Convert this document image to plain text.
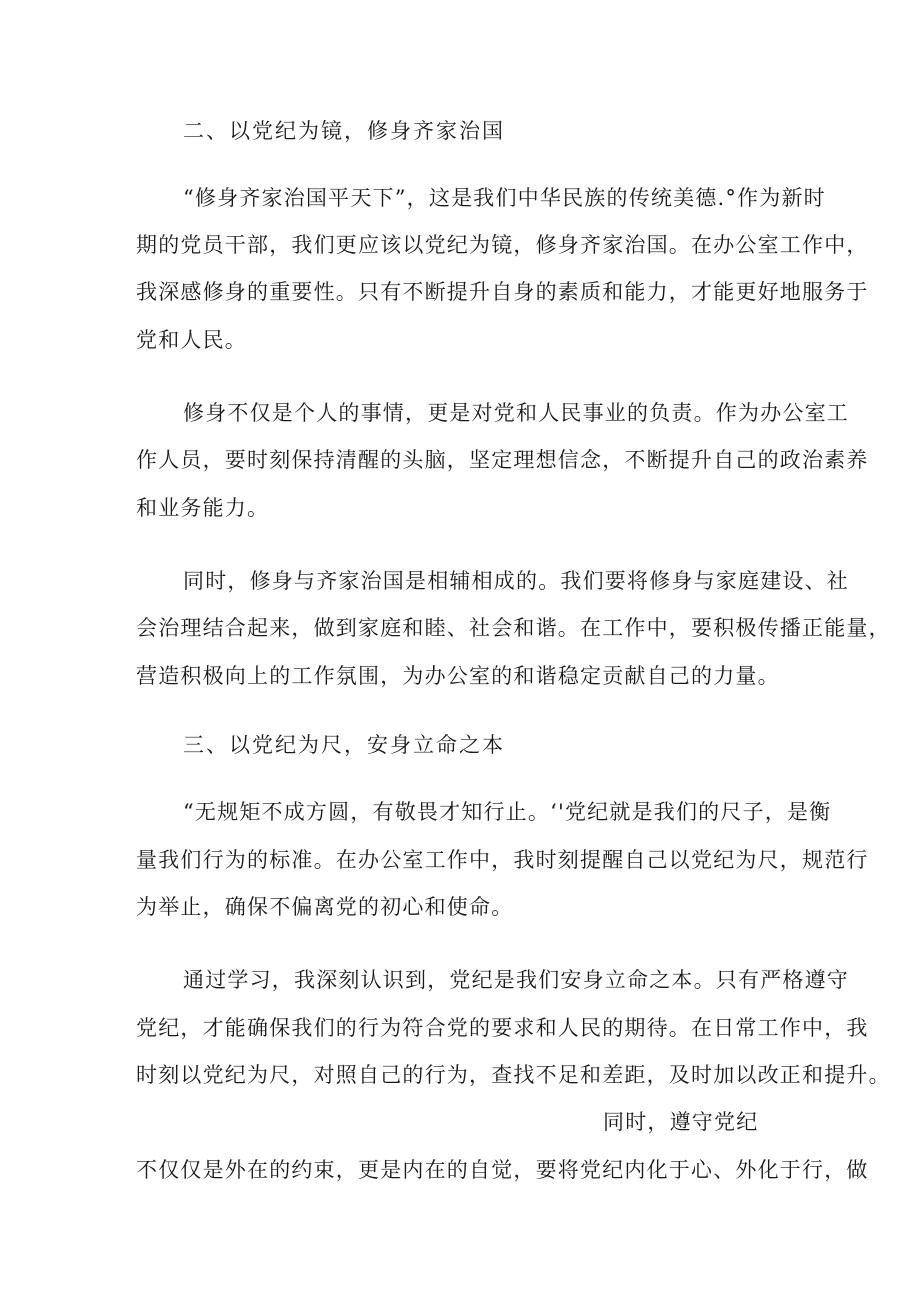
二、以党纪为镜，修身齐家治国
“修身齐家治国平天下”，这是我们中华民族的传统美德.°作为新时
期的党员干部，我们更应该以党纪为镜，修身齐家治国。在办公室工作中，
我深感修身的重要性。只有不断提升自身的素质和能力，才能更好地服务于
党和人民。
修身不仅是个人的事情，更是对党和人民事业的负责。作为办公室工
作人员，要时刻保持清醒的头脑，坚定理想信念，不断提升自己的政治素养
和业务能力。
同时，修身与齐家治国是相辅相成的。我们要将修身与家庭建设、社
会治理结合起来，做到家庭和睦、社会和谐。在工作中，要积极传播正能量，
营造积极向上的工作氛围，为办公室的和谐稳定贡献自己的力量。
三、以党纪为尺，安身立命之本
“无规矩不成方圆，有敬畏才知行止。‘'党纪就是我们的尺子，是衡
量我们行为的标准。在办公室工作中，我时刻提醒自己以党纪为尺，规范行
为举止，确保不偏离党的初心和使命。
通过学习，我深刻认识到，党纪是我们安身立命之本。只有严格遵守
党纪，才能确保我们的行为符合党的要求和人民的期待。在日常工作中，我
时刻以党纪为尺，对照自己的行为，查找不足和差距，及时加以改正和提升。
同时，遵守党纪
不仅仅是外在的约束，更是内在的自觉，要将党纪内化于心、外化于行，做
